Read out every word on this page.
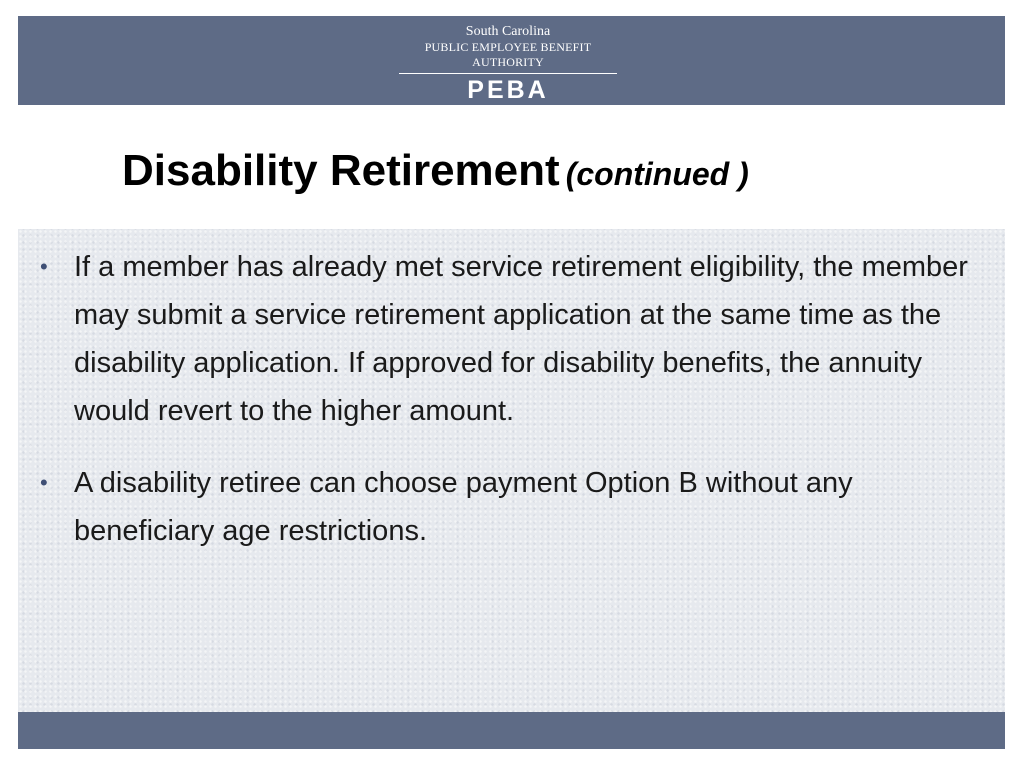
South Carolina
PUBLIC EMPLOYEE BENEFIT AUTHORITY
PEBA
Disability Retirement (continued )
• If a member has already met service retirement eligibility, the member may submit a service retirement application at the same time as the disability application. If approved for disability benefits, the annuity would revert to the higher amount.
• A disability retiree can choose payment Option B without any beneficiary age restrictions.
